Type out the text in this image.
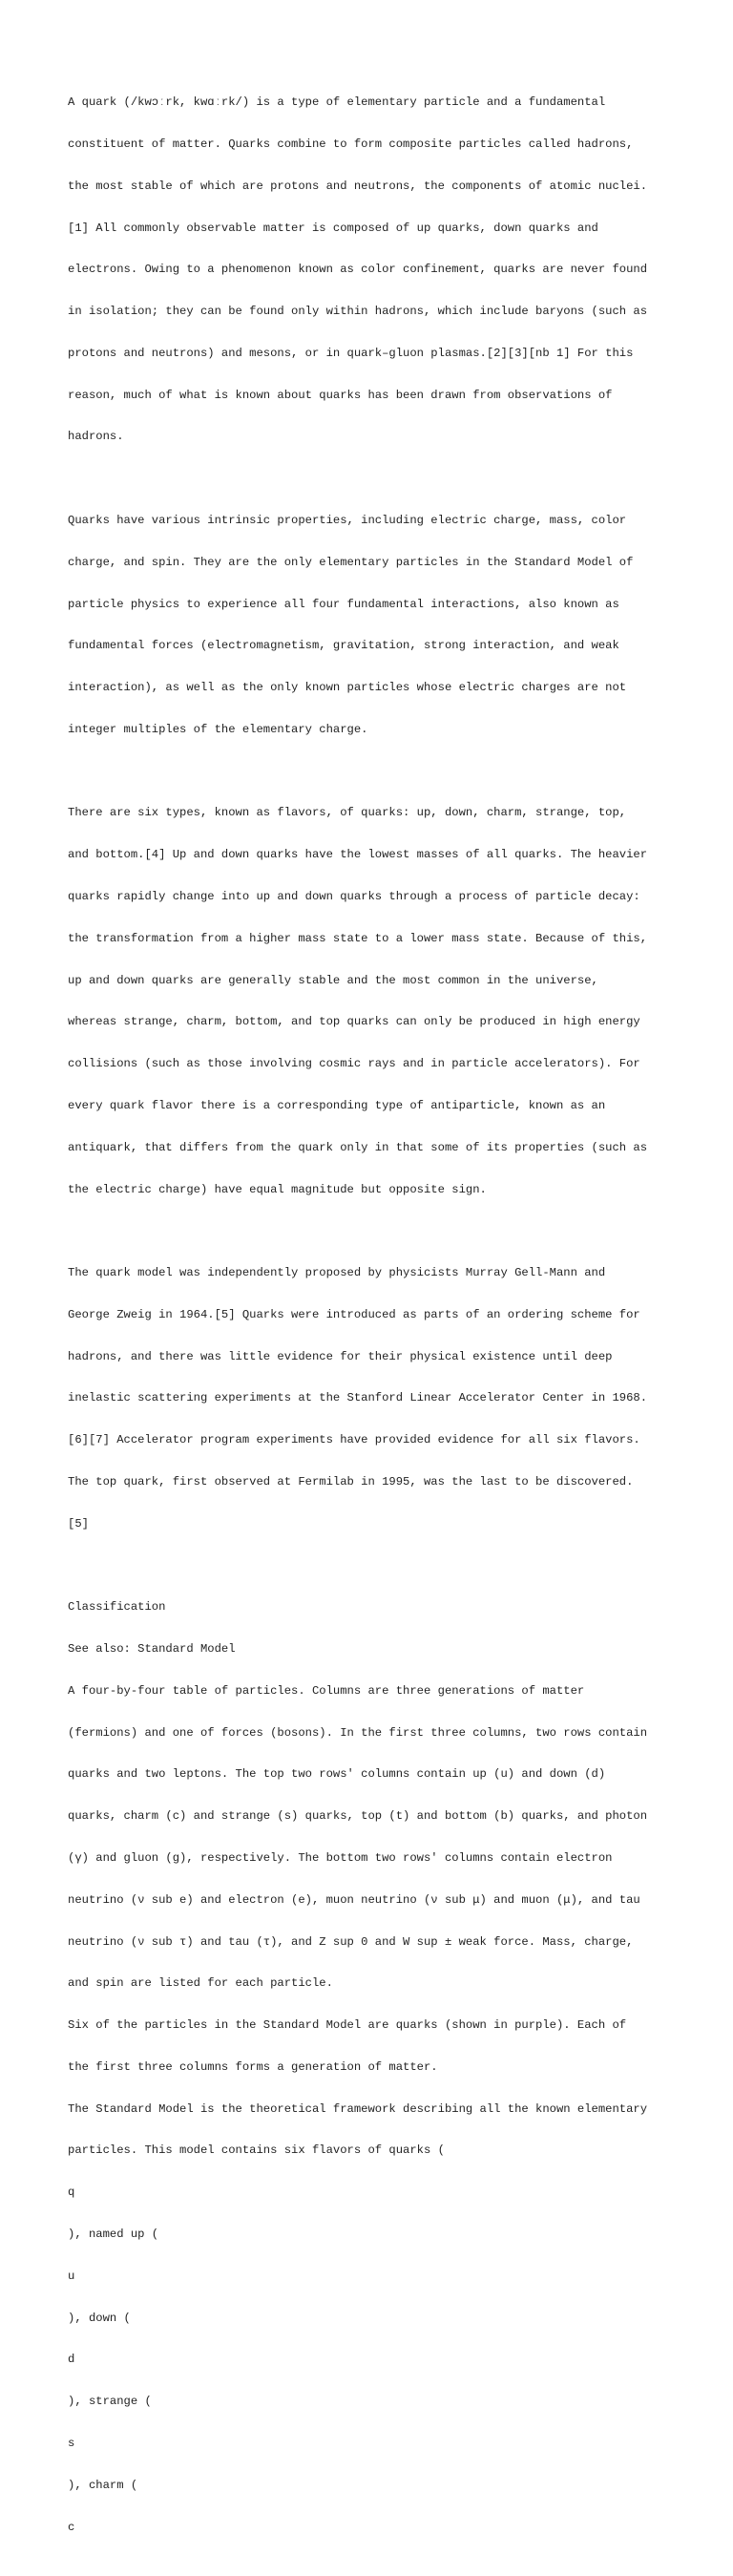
A quark (/kwɔːrk, kwɑːrk/) is a type of elementary particle and a fundamental

constituent of matter. Quarks combine to form composite particles called hadrons,

the most stable of which are protons and neutrons, the components of atomic nuclei.

[1] All commonly observable matter is composed of up quarks, down quarks and

electrons. Owing to a phenomenon known as color confinement, quarks are never found

in isolation; they can be found only within hadrons, which include baryons (such as

protons and neutrons) and mesons, or in quark–gluon plasmas.[2][3][nb 1] For this

reason, much of what is known about quarks has been drawn from observations of

hadrons.

Quarks have various intrinsic properties, including electric charge, mass, color

charge, and spin. They are the only elementary particles in the Standard Model of

particle physics to experience all four fundamental interactions, also known as

fundamental forces (electromagnetism, gravitation, strong interaction, and weak

interaction), as well as the only known particles whose electric charges are not

integer multiples of the elementary charge.

There are six types, known as flavors, of quarks: up, down, charm, strange, top,

and bottom.[4] Up and down quarks have the lowest masses of all quarks. The heavier

quarks rapidly change into up and down quarks through a process of particle decay:

the transformation from a higher mass state to a lower mass state. Because of this,

up and down quarks are generally stable and the most common in the universe,

whereas strange, charm, bottom, and top quarks can only be produced in high energy

collisions (such as those involving cosmic rays and in particle accelerators). For

every quark flavor there is a corresponding type of antiparticle, known as an

antiquark, that differs from the quark only in that some of its properties (such as

the electric charge) have equal magnitude but opposite sign.

The quark model was independently proposed by physicists Murray Gell-Mann and

George Zweig in 1964.[5] Quarks were introduced as parts of an ordering scheme for

hadrons, and there was little evidence for their physical existence until deep

inelastic scattering experiments at the Stanford Linear Accelerator Center in 1968.

[6][7] Accelerator program experiments have provided evidence for all six flavors.

The top quark, first observed at Fermilab in 1995, was the last to be discovered.

[5]

Classification

See also: Standard Model

A four-by-four table of particles. Columns are three generations of matter

(fermions) and one of forces (bosons). In the first three columns, two rows contain

quarks and two leptons. The top two rows' columns contain up (u) and down (d)

quarks, charm (c) and strange (s) quarks, top (t) and bottom (b) quarks, and photon

(γ) and gluon (g), respectively. The bottom two rows' columns contain electron

neutrino (ν sub e) and electron (e), muon neutrino (ν sub μ) and muon (μ), and tau

neutrino (ν sub τ) and tau (τ), and Z sup 0 and W sup ± weak force. Mass, charge,

and spin are listed for each particle.

Six of the particles in the Standard Model are quarks (shown in purple). Each of

the first three columns forms a generation of matter.

The Standard Model is the theoretical framework describing all the known elementary

particles. This model contains six flavors of quarks (

q

), named up (

u

), down (

d

), strange (

s

), charm (

c
